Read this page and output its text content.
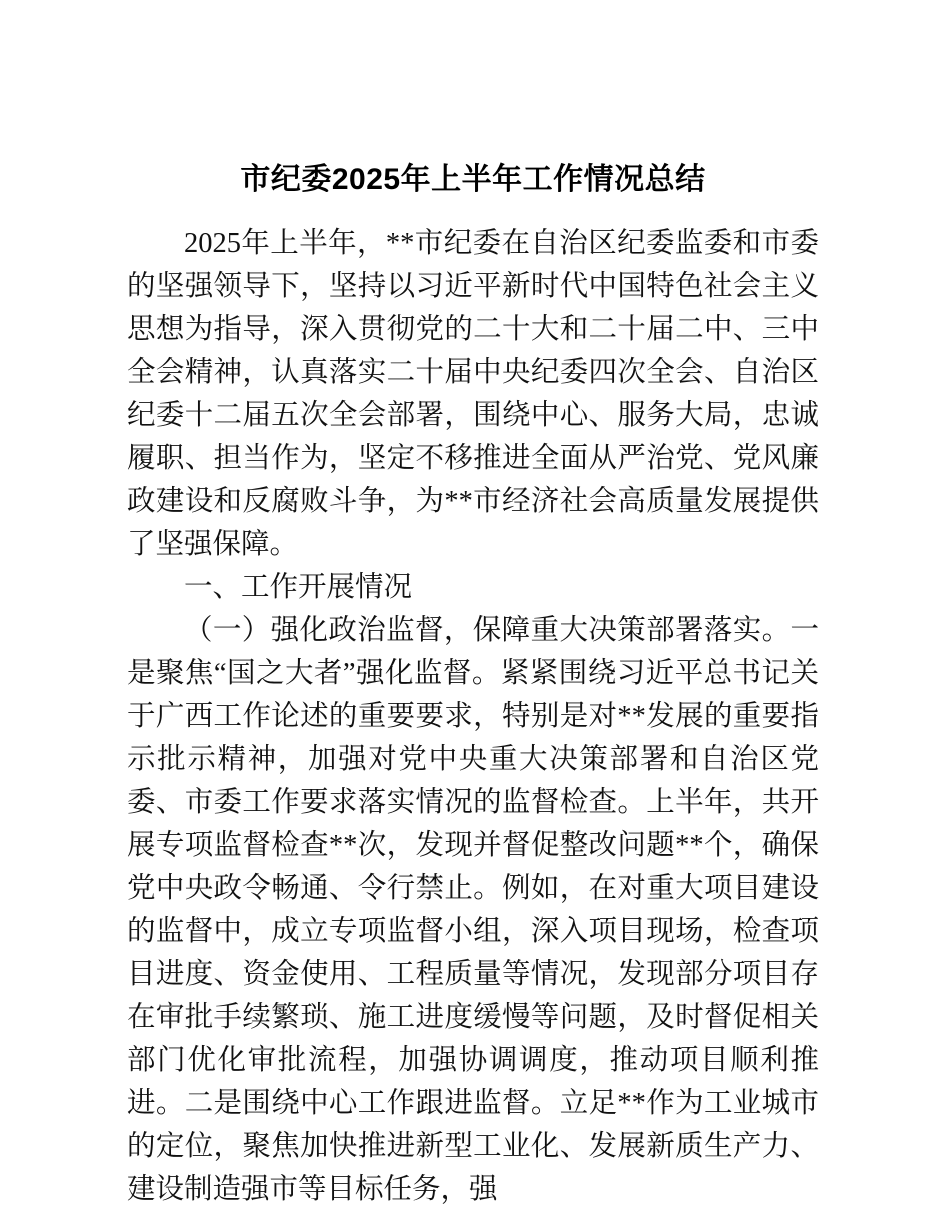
市纪委2025年上半年工作情况总结

2025年上半年，**市纪委在自治区纪委监委和市委的坚强领导下，坚持以习近平新时代中国特色社会主义思想为指导，深入贯彻党的二十大和二十届二中、三中全会精神，认真落实二十届中央纪委四次全会、自治区纪委十二届五次全会部署，围绕中心、服务大局，忠诚履职、担当作为，坚定不移推进全面从严治党、党风廉政建设和反腐败斗争，为**市经济社会高质量发展提供了坚强保障。

一、工作开展情况

（一）强化政治监督，保障重大决策部署落实。一是聚焦“国之大者”强化监督。紧紧围绕习近平总书记关于广西工作论述的重要要求，特别是对**发展的重要指示批示精神，加强对党中央重大决策部署和自治区党委、市委工作要求落实情况的监督检查。上半年，共开展专项监督检查**次，发现并督促整改问题**个，确保党中央政令畅通、令行禁止。例如，在对重大项目建设的监督中，成立专项监督小组，深入项目现场，检查项目进度、资金使用、工程质量等情况，发现部分项目存在审批手续繁琐、施工进度缓慢等问题，及时督促相关部门优化审批流程，加强协调调度，推动项目顺利推进。二是围绕中心工作跟进监督。立足**作为工业城市的定位，聚焦加快推进新型工业化、发展新质生产力、建设制造强市等目标任务，强
